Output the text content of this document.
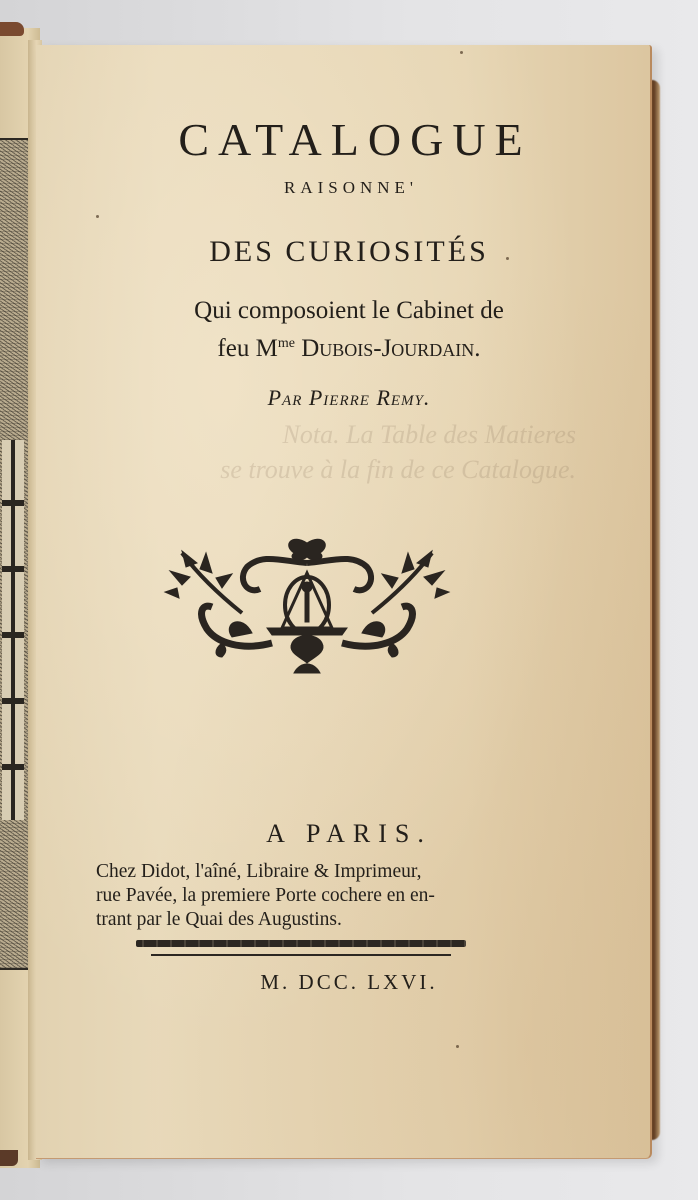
Nota. La Table des Matieres
se trouve à la fin de ce Catalogue.
CATALOGUE
RAISONNE'
DES CURIOSITÉS
Qui composoient le Cabinet de
feu $M^{me}$ Dubois-Jourdain.
Par Pierre Remy.
A PARIS.
Chez Didot, l'aîné, Libraire & Imprimeur,
rue Pavée, la premiere Porte cochere en en-
trant par le Quai des Augustins.
M. DCC. LXVI.
